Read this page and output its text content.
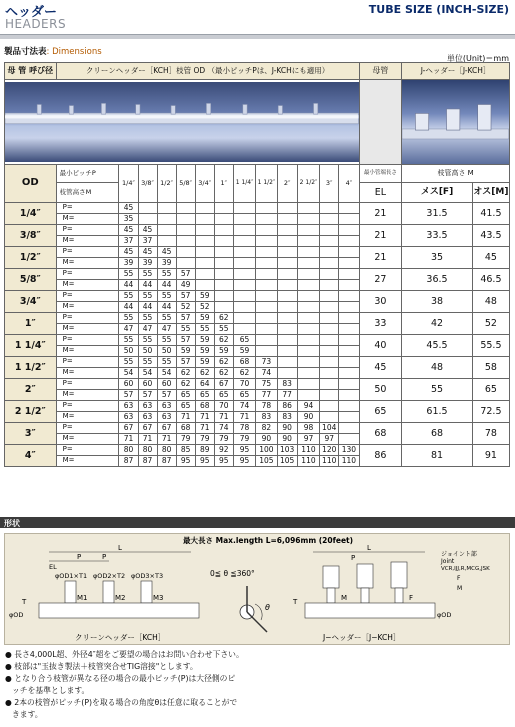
ヘッダー
HEADERS
TUBE SIZE (INCH-SIZE)
製品寸法表: Dimensions
単位(Unit)＝mm
母 管 呼び径	クリーンヘッダー［KCH］枝管 OD （最小ピッチPは、J-KCHにも適用）													母管	J-ヘッダー［J-KCH］	

OD	最小ピッチP	1/4″	3/8″	1/2″	5/8″	3/4″	1″	1 1/4″	1 1/2″	2″	2 1/2″	3″	4″	最小管端長さ	枝管高さ M	
	枝管高さM													EL	メス[F]	オス[M]
1/4″	P=	45												21	31.5	41.5
	M=	35														
3/8″	P=	45	45											21	33.5	43.5
	M=	37	37													
1/2″	P=	45	45	45										21	35	45
	M=	39	39	39												
5/8″	P=	55	55	55	57									27	36.5	46.5
	M=	44	44	44	49											
3/4″	P=	55	55	55	57	59								30	38	48
	M=	44	44	44	52	52										
1″	P=	55	55	55	57	59	62							33	42	52
	M=	47	47	47	55	55	55									
1 1/4″	P=	55	55	55	57	59	62	65						40	45.5	55.5
	M=	50	50	50	59	59	59	59								
1 1/2″	P=	55	55	55	57	59	62	68	73					45	48	58
	M=	54	54	54	62	62	62	62	74							
2″	P=	60	60	60	62	64	67	70	75	83				50	55	65
	M=	57	57	57	65	65	65	65	77	77						
2 1/2″	P=	63	63	63	65	68	70	74	78	86	94			65	61.5	72.5
	M=	63	63	63	71	71	71	71	83	83	90					
3″	P=	67	67	67	68	71	74	78	82	90	98	104		68	68	78
	M=	71	71	71	79	79	79	79	90	90	97	97				
4″	P=	80	80	80	85	89	92	95	100	103	110	120	130	86	81	91
	M=	87	87	87	95	95	95	95	105	105	110	110	110			
形状
最大長さ Max.length L=6,096mm (20feet)
L
P	P
EL
φOD1×T1 φOD2×T2 φOD3×T3
M1	M2	M3
T
φOD
クリーンヘッダー［KCH］
0≦ θ ≦360°
θ
L
P
M	F
T
φOD
ジョイント部
Joint
VCR,IJJ,R,MCG,JSK
F
M
J−ヘッダー［J−KCH］
● 長さ4,000L超、外径4″超をご要望の場合はお問い合わせ下さい。
● 枝部は"玉抜き製法＋枝管突合せTIG溶接"とします。
● となり合う枝管が異なる径の場合の最小ピッチ(P)は大径側のピ
ッチを基準とします。
● 2本の枝管がピッチ(P)を取る場合の角度θは任意に取ることがで
きます。
